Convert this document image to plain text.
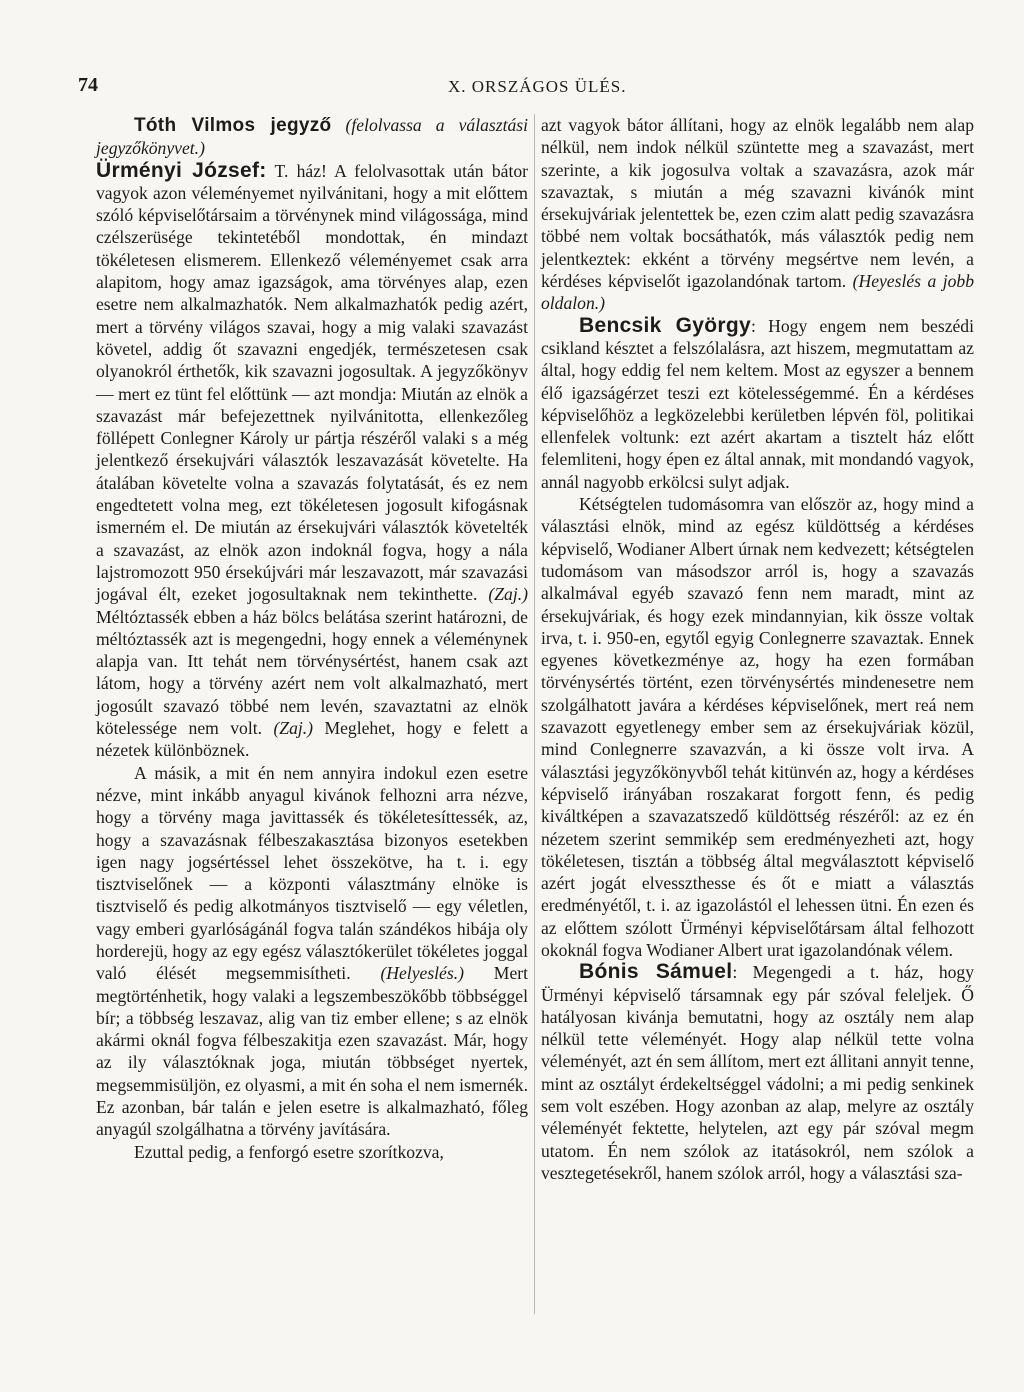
74	X. ORSZÁGOS ÜLÉS.

Tóth Vilmos jegyző (felolvassa a választási jegyzőkönyvet.)

Ürményi József: T. ház! A felolvasottak után bátor vagyok azon véleményemet nyilvánitani, hogy a mit előttem szóló képviselőtársaim a törvénynek mind világossága, mind czélszerüsége tekintetéből mondottak, én mindazt tökéletesen elismerem. Ellenkező véleményemet csak arra alapitom, hogy amaz igazságok, ama törvényes alap, ezen esetre nem alkalmazhatók. Nem alkalmazhatók pedig azért, mert a törvény világos szavai, hogy a mig valaki szavazást követel, addig őt szavazni engedjék, természetesen csak olyanokról érthetők, kik szavazni jogosultak. A jegyzőkönyv — mert ez tünt fel előttünk — azt mondja: Miután az elnök a szavazást már befejezettnek nyilvánitotta, ellenkezőleg föllépett Conlegner Károly ur pártja részéről valaki s a még jelentkező érsekujvári választók leszavazását követelte. Ha átalában követelte volna a szavazás folytatását, és ez nem engedtetett volna meg, ezt tökéletesen jogosult kifogásnak ismerném el. De miután az érsekujvári választók követelték a szavazást, az elnök azon indoknál fogva, hogy a nála lajstromozott 950 érsekújvári már leszavazott, már szavazási jogával élt, ezeket jogosultaknak nem tekinthette. (Zaj.) Méltóztassék ebben a ház bölcs belátása szerint határozni, de méltóztassék azt is megengedni, hogy ennek a véleménynek alapja van. Itt tehát nem törvénysértést, hanem csak azt látom, hogy a törvény azért nem volt alkalmazható, mert jogosúlt szavazó többé nem levén, szavaztatni az elnök kötelessége nem volt. (Zaj.) Meglehet, hogy e felett a nézetek különböznek.

A másik, a mit én nem annyira indokul ezen esetre nézve, mint inkább anyagul kivánok felhozni arra nézve, hogy a törvény maga javittassék és tökéletesíttessék, az, hogy a szavazásnak félbeszakasztása bizonyos esetekben igen nagy jogsértéssel lehet összekötve, ha t. i. egy tisztviselőnek — a központi választmány elnöke is tisztviselő és pedig alkotmányos tisztviselő — egy véletlen, vagy emberi gyarlóságánál fogva talán szándékos hibája oly horderejü, hogy az egy egész választókerület tökéletes joggal való élését megsemmisítheti. (Helyeslés.) Mert megtörténhetik, hogy valaki a legszembeszökőbb többséggel bír; a többség leszavaz, alig van tiz ember ellene; s az elnök akármi oknál fogva félbeszakitja ezen szavazást. Már, hogy az ily választóknak joga, miután többséget nyertek, megsemmisüljön, ez olyasmi, a mit én soha el nem ismernék. Ez azonban, bár talán e jelen esetre is alkalmazható, főleg anyagúl szolgálhatna a törvény javítására.

Ezuttal pedig, a fenforgó esetre szorítkozva,

azt vagyok bátor állítani, hogy az elnök legalább nem alap nélkül, nem indok nélkül szüntette meg a szavazást, mert szerinte, a kik jogosulva voltak a szavazásra, azok már szavaztak, s miután a még szavazni kivánók mint érsekujváriak jelentettek be, ezen czim alatt pedig szavazásra többé nem voltak bocsáthatók, más választók pedig nem jelentkeztek: ekként a törvény megsértve nem levén, a kérdéses képviselőt igazolandónak tartom. (Heyeslés a jobb oldalon.)

Bencsik György: Hogy engem nem beszédi csikland késztet a felszólalásra, azt hiszem, megmutattam az által, hogy eddig fel nem keltem. Most az egyszer a bennem élő igazságérzet teszi ezt kötelességemmé. Én a kérdéses képviselőhöz a legközelebbi kerületben lépvén föl, politikai ellenfelek voltunk: ezt azért akartam a tisztelt ház előtt felemliteni, hogy épen ez által annak, mit mondandó vagyok, annál nagyobb erkölcsi sulyt adjak.

Kétségtelen tudomásomra van először az, hogy mind a választási elnök, mind az egész küldöttség a kérdéses képviselő, Wodianer Albert úrnak nem kedvezett; kétségtelen tudomásom van másodszor arról is, hogy a szavazás alkalmával egyéb szavazó fenn nem maradt, mint az érsekujváriak, és hogy ezek mindannyian, kik össze voltak irva, t. i. 950-en, egytől egyig Conlegnerre szavaztak. Ennek egyenes következménye az, hogy ha ezen formában törvénysértés történt, ezen törvénysértés mindenesetre nem szolgálhatott javára a kérdéses képviselőnek, mert reá nem szavazott egyetlenegy ember sem az érsekujváriak közül, mind Conlegnerre szavazván, a ki össze volt irva. A választási jegyzőkönyvből tehát kitünvén az, hogy a kérdéses képviselő irányában roszakarat forgott fenn, és pedig kiváltképen a szavazatszedő küldöttség részéről: az ez én nézetem szerint semmikép sem eredményezheti azt, hogy tökéletesen, tisztán a többség által megválasztott képviselő azért jogát elvesszthesse és őt e miatt a választás eredményétől, t. i. az igazolástól el lehessen ütni. Én ezen és az előttem szólott Ürményi képviselőtársam által felhozott okoknál fogva Wodianer Albert urat igazolandónak vélem.

Bónis Sámuel: Megengedi a t. ház, hogy Ürményi képviselő társamnak egy pár szóval feleljek. Ő hatályosan kivánja bemutatni, hogy az osztály nem alap nélkül tette véleményét. Hogy alap nélkül tette volna véleményét, azt én sem állítom, mert ezt állitani annyit tenne, mint az osztályt érdekeltséggel vádolni; a mi pedig senkinek sem volt eszében. Hogy azonban az alap, melyre az osztály véleményét fektette, helytelen, azt egy pár szóval megm utatom. Én nem szólok az itatásokról, nem szólok a vesztegetésekről, hanem szólok arról, hogy a választási sza-
